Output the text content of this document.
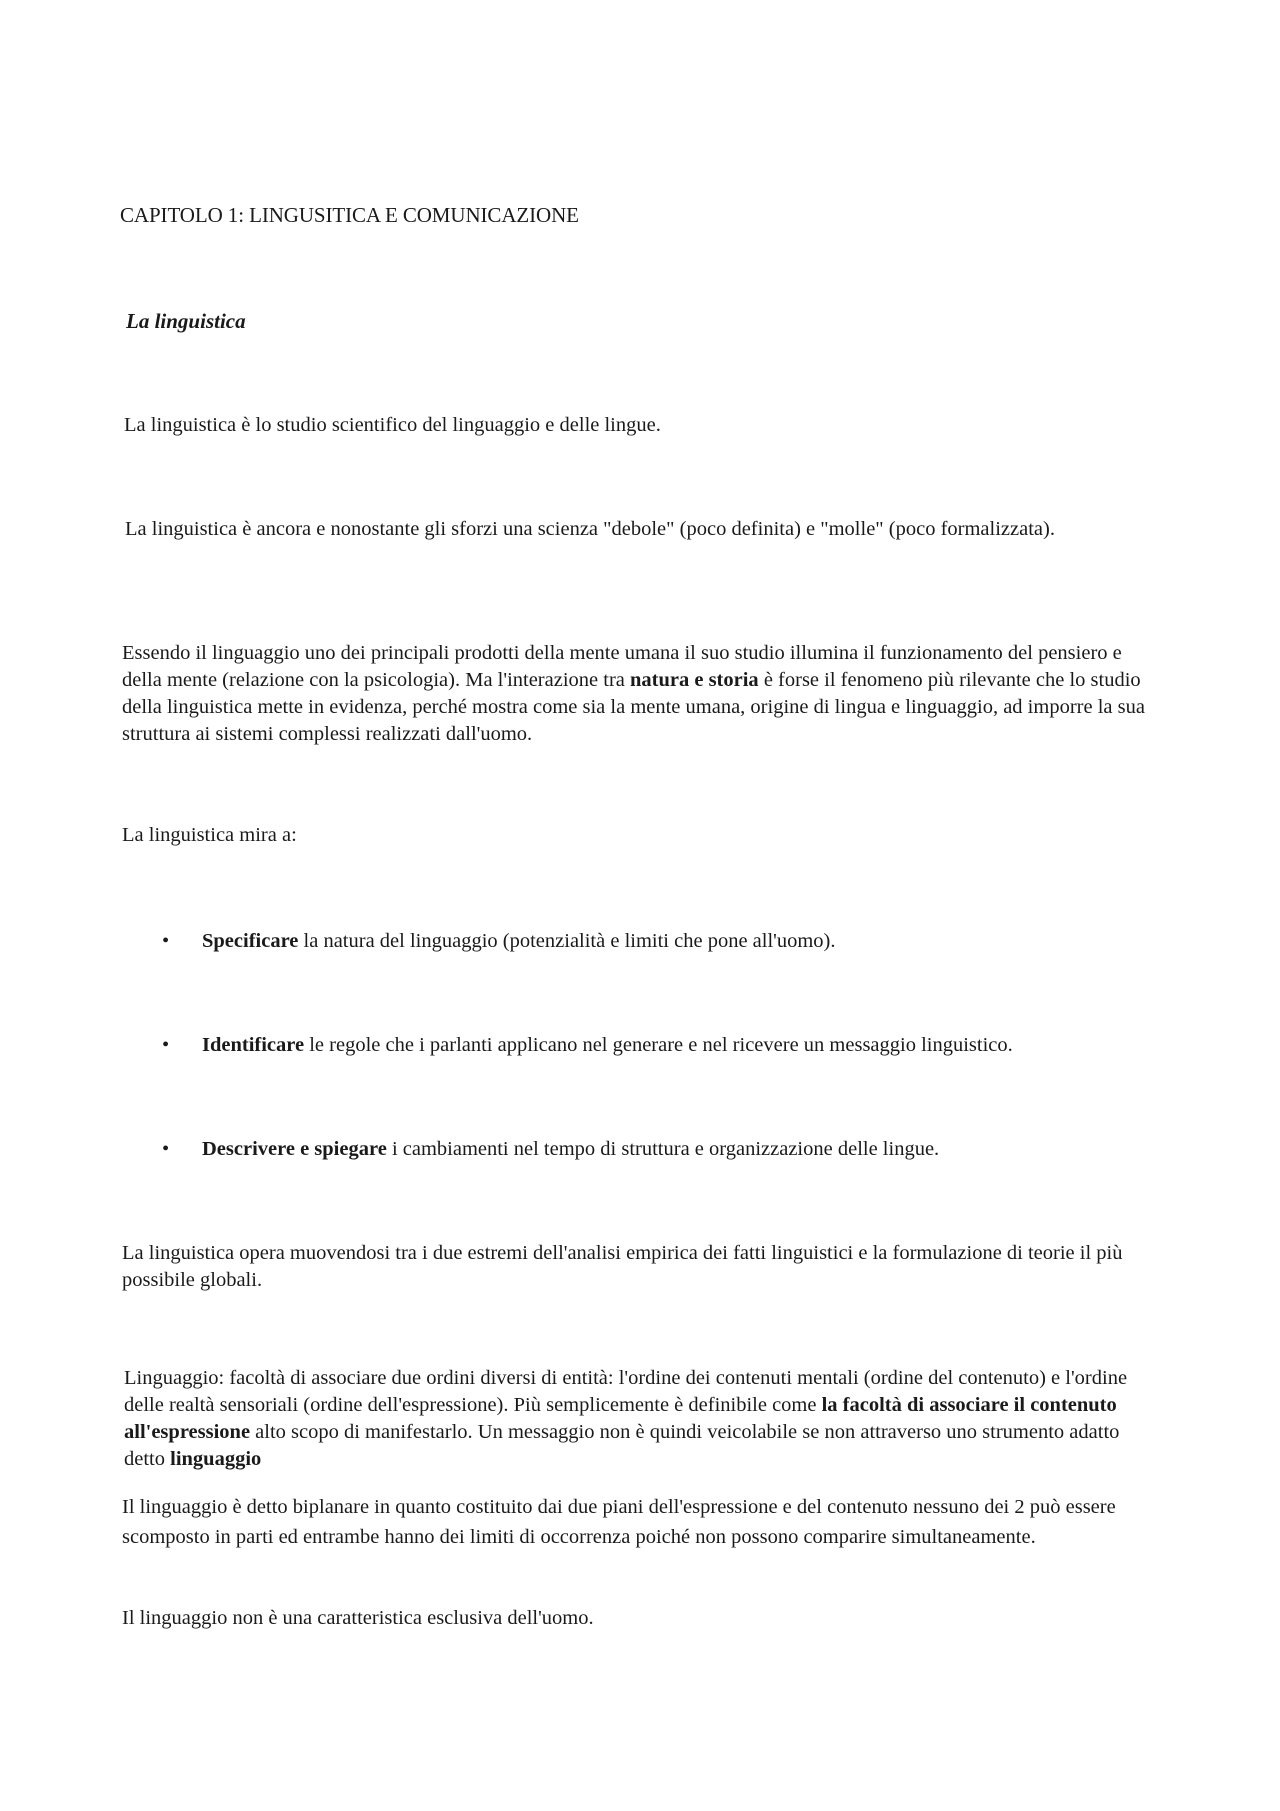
CAPITOLO 1: LINGUSITICA E COMUNICAZIONE

La linguistica

La linguistica è lo studio scientifico del linguaggio e delle lingue.

La linguistica è ancora e nonostante gli sforzi una scienza "debole" (poco definita) e "molle" (poco formalizzata).

Essendo il linguaggio uno dei principali prodotti della mente umana il suo studio illumina il funzionamento del pensiero e della mente (relazione con la psicologia). Ma l'interazione tra natura e storia è forse il fenomeno più rilevante che lo studio della linguistica mette in evidenza, perché mostra come sia la mente umana, origine di lingua e linguaggio, ad imporre la sua struttura ai sistemi complessi realizzati dall'uomo.

La linguistica mira a:

• Specificare la natura del linguaggio (potenzialità e limiti che pone all'uomo).
• Identificare le regole che i parlanti applicano nel generare e nel ricevere un messaggio linguistico.
• Descrivere e spiegare i cambiamenti nel tempo di struttura e organizzazione delle lingue.

La linguistica opera muovendosi tra i due estremi dell'analisi empirica dei fatti linguistici e la formulazione di teorie il più possibile globali.

Linguaggio: facoltà di associare due ordini diversi di entità: l'ordine dei contenuti mentali (ordine del contenuto) e l'ordine delle realtà sensoriali (ordine dell'espressione). Più semplicemente è definibile come la facoltà di associare il contenuto all'espressione alto scopo di manifestarlo. Un messaggio non è quindi veicolabile se non attraverso uno strumento adatto detto linguaggio

Il linguaggio è detto biplanare in quanto costituito dai due piani dell'espressione e del contenuto nessuno dei 2 può essere scomposto in parti ed entrambe hanno dei limiti di occorrenza poiché non possono comparire simultaneamente.

Il linguaggio non è una caratteristica esclusiva dell'uomo.
